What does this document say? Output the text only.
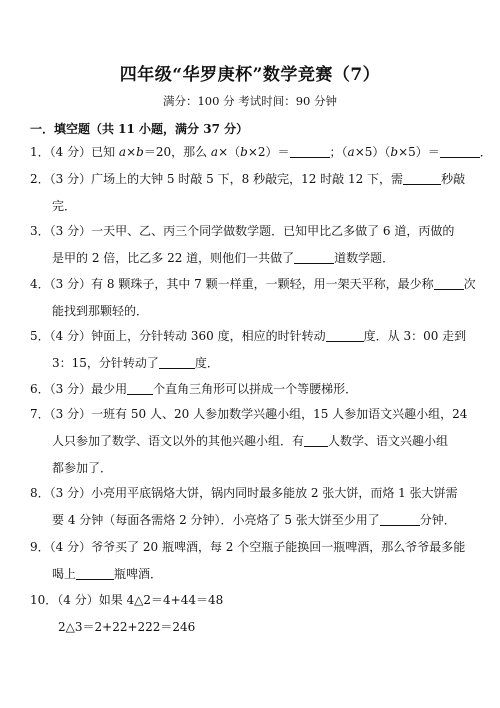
四年级“华罗庚杯”数学竞赛（7）
满分：100 分 考试时间：90 分钟
一．填空题（共 11 小题，满分 37 分）
1．（4 分）已知 a×b＝20，那么 a×（b×2）＝	；（a×5）（b×5）＝	．
2．（3 分）广场上的大钟 5 时敲 5 下，8 秒敲完，12 时敲 12 下，需	秒敲
完．
3．（3 分）一天甲、乙、丙三个同学做数学题．已知甲比乙多做了 6 道，丙做的
是甲的 2 倍，比乙多 22 道，则他们一共做了	道数学题．
4．（3 分）有 8 颗珠子，其中 7 颗一样重，一颗轻，用一架天平称，最少称	次
能找到那颗轻的．
5．（4 分）钟面上，分针转动 360 度，相应的时针转动	度．从 3：00 走到
3：15，分针转动了	度．
6．（3 分）最少用 个直角三角形可以拼成一个等腰梯形．
7．（3 分）一班有 50 人、20 人参加数学兴趣小组，15 人参加语文兴趣小组，24
人只参加了数学、语文以外的其他兴趣小组．有 人数学、语文兴趣小组
都参加了．
8．（3 分）小亮用平底锅烙大饼，锅内同时最多能放 2 张大饼，而烙 1 张大饼需
要 4 分钟（每面各需烙 2 分钟）．小亮烙了 5 张大饼至少用了	分钟．
9．（4 分）爷爷买了 20 瓶啤酒，每 2 个空瓶子能换回一瓶啤酒，那么爷爷最多能
喝上	瓶啤酒．
10．（4 分）如果 4△2＝4+44＝48
2△3＝2+22+222＝246
